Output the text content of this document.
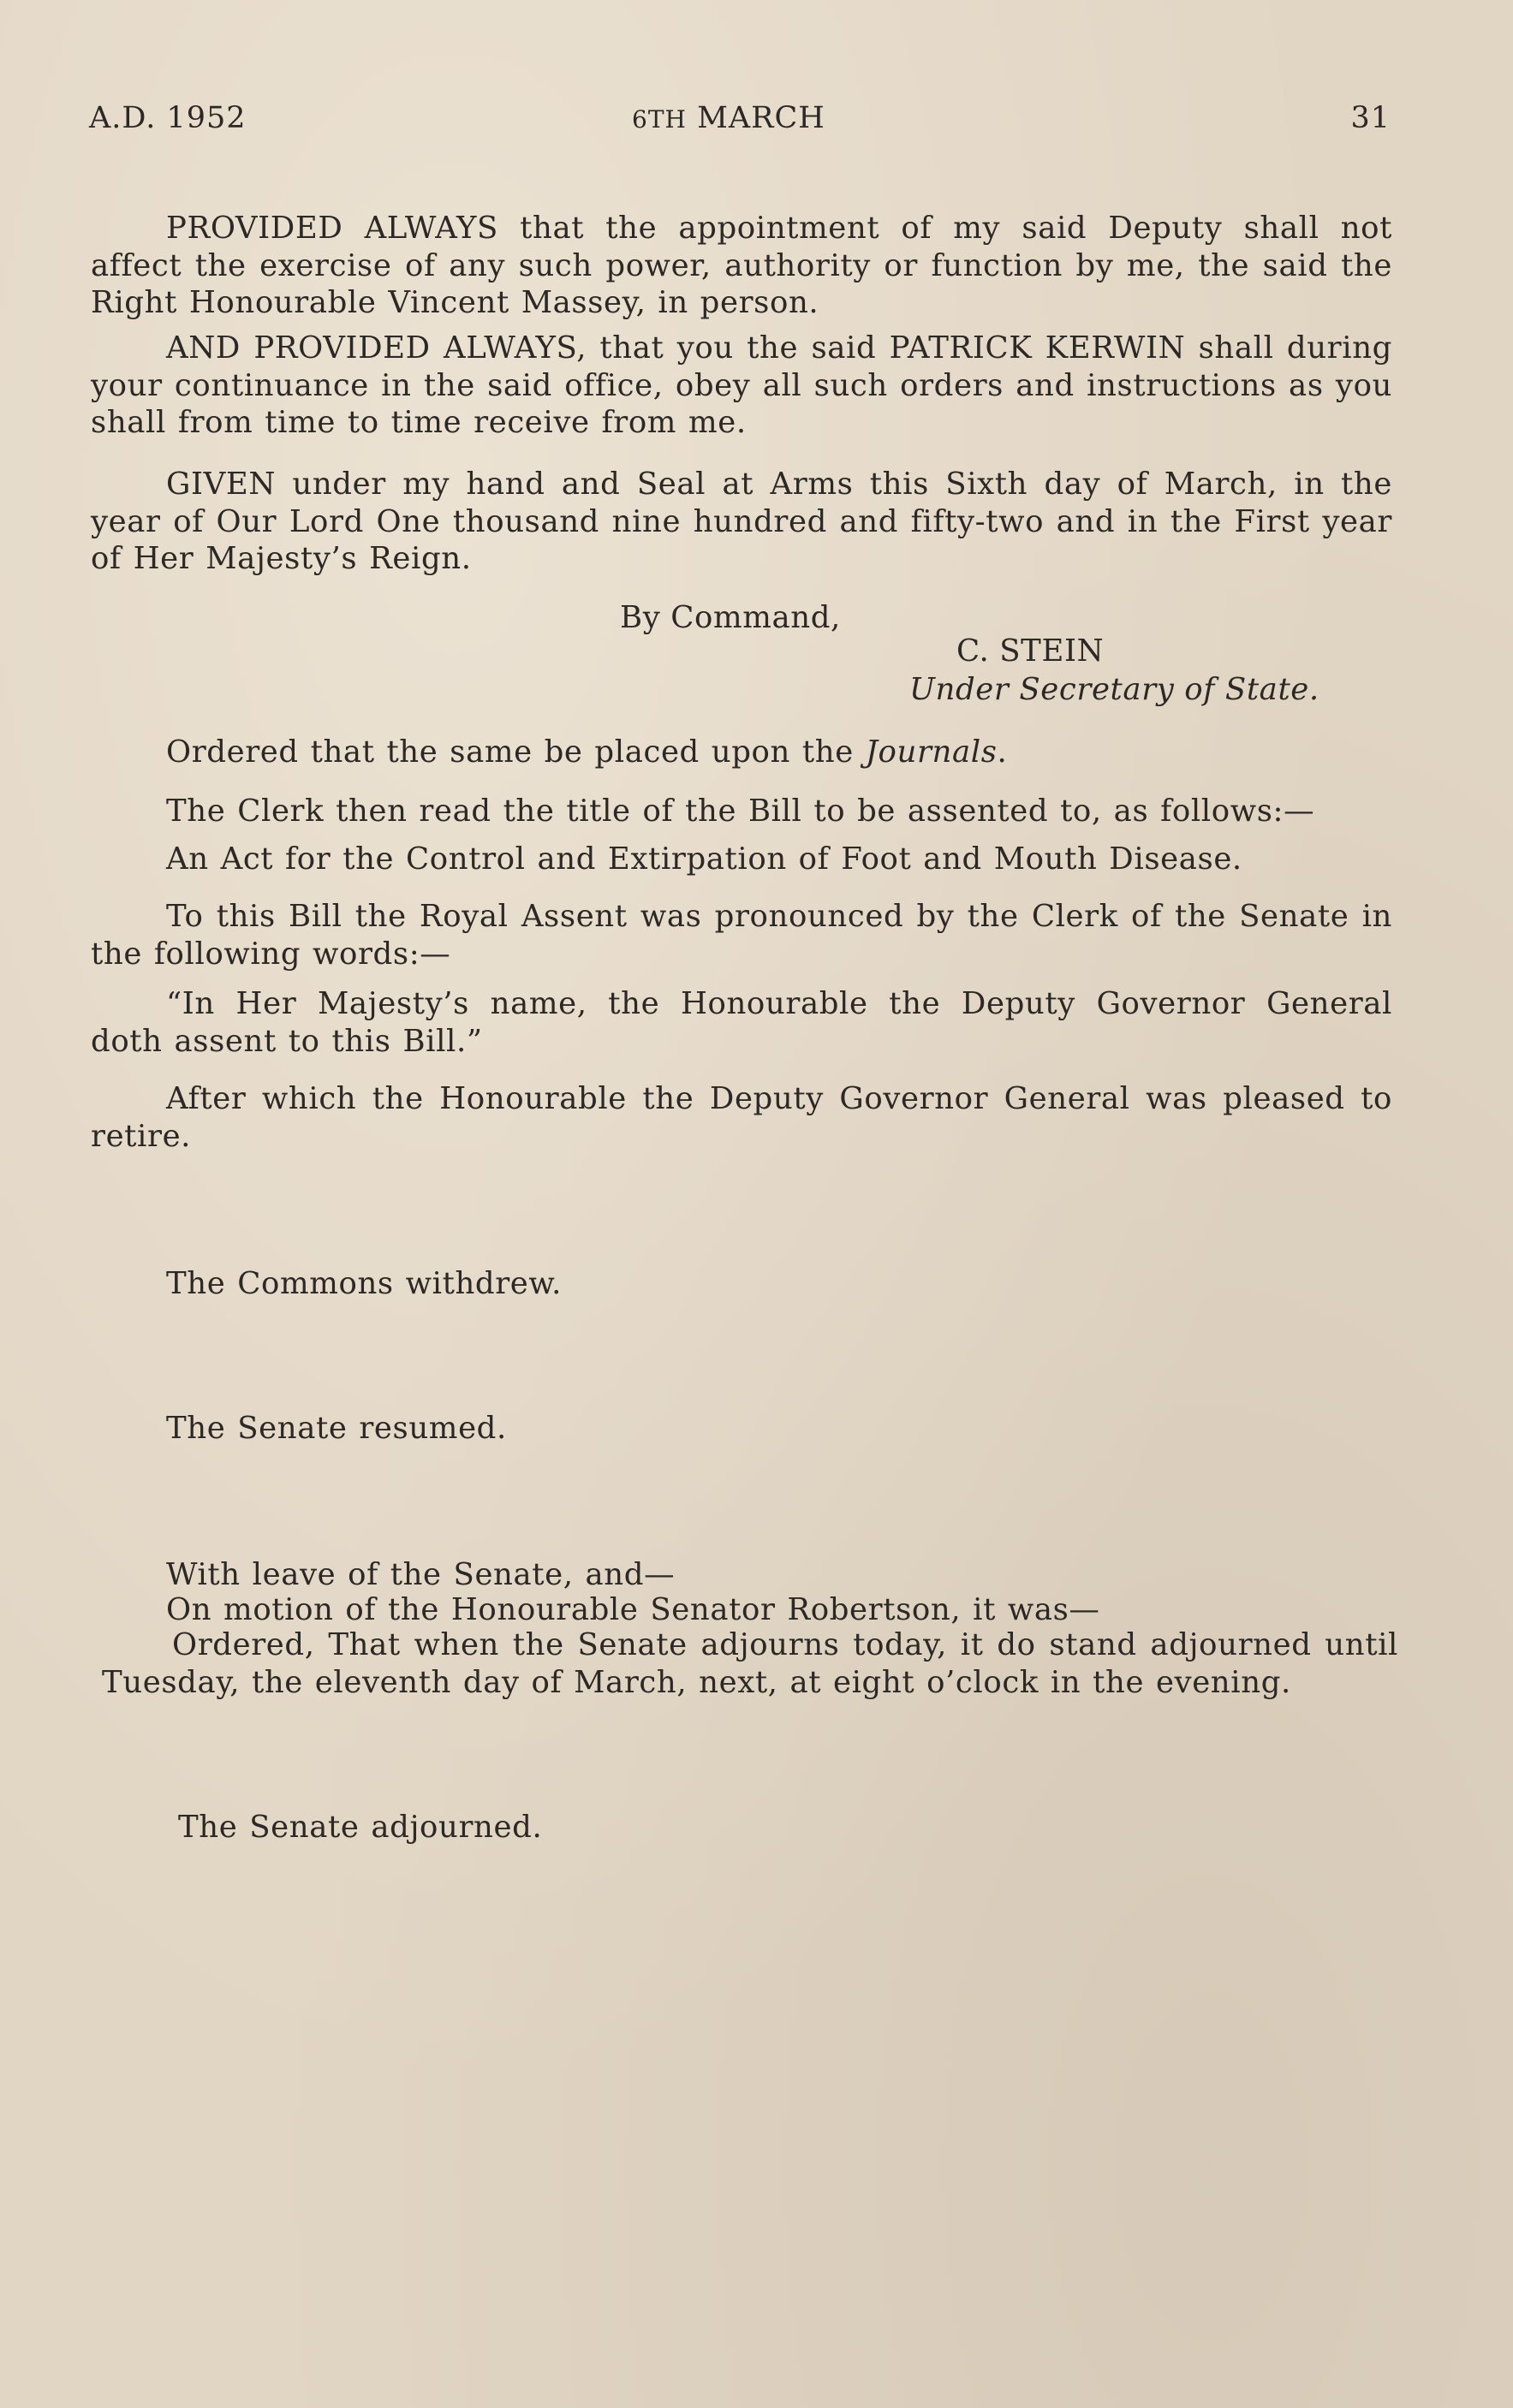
A.D. 1952	6TH MARCH	31
PROVIDED ALWAYS that the appointment of my said Deputy shall not affect the exercise of any such power, authority or function by me, the said the Right Honourable Vincent Massey, in person.
AND PROVIDED ALWAYS, that you the said PATRICK KERWIN shall during your continuance in the said office, obey all such orders and instructions as you shall from time to time receive from me.
GIVEN under my hand and Seal at Arms this Sixth day of March, in the year of Our Lord One thousand nine hundred and fifty-two and in the First year of Her Majesty’s Reign.
By Command,
C. STEIN
Under Secretary of State.
Ordered that the same be placed upon the Journals.
The Clerk then read the title of the Bill to be assented to, as follows:—
An Act for the Control and Extirpation of Foot and Mouth Disease.
To this Bill the Royal Assent was pronounced by the Clerk of the Senate in the following words:—
“In Her Majesty’s name, the Honourable the Deputy Governor General doth assent to this Bill.”
After which the Honourable the Deputy Governor General was pleased to retire.
The Commons withdrew.
The Senate resumed.
With leave of the Senate, and—
On motion of the Honourable Senator Robertson, it was—
Ordered, That when the Senate adjourns today, it do stand adjourned until Tuesday, the eleventh day of March, next, at eight o’clock in the evening.
The Senate adjourned.
